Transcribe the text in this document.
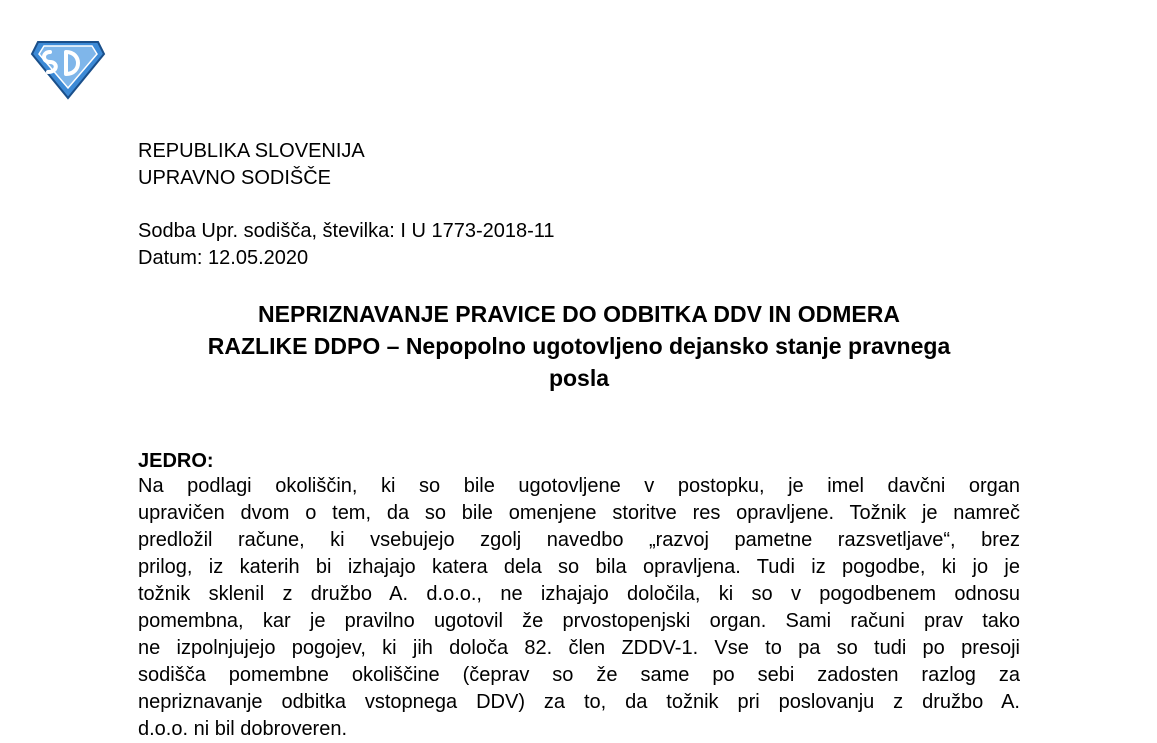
REPUBLIKA SLOVENIJA
UPRAVNO SODIŠČE
Sodba Upr. sodišča, številka: I U 1773-2018-11
Datum: 12.05.2020
NEPRIZNAVANJE PRAVICE DO ODBITKA DDV IN ODMERA
RAZLIKE DDPO – Nepopolno ugotovljeno dejansko stanje pravnega
posla
JEDRO:
Na podlagi okoliščin, ki so bile ugotovljene v postopku, je imel davčni organ
upravičen dvom o tem, da so bile omenjene storitve res opravljene. Tožnik je namreč
predložil račune, ki vsebujejo zgolj navedbo „razvoj pametne razsvetljave“, brez
prilog, iz katerih bi izhajajo katera dela so bila opravljena. Tudi iz pogodbe, ki jo je
tožnik sklenil z družbo A. d.o.o., ne izhajajo določila, ki so v pogodbenem odnosu
pomembna, kar je pravilno ugotovil že prvostopenjski organ. Sami računi prav tako
ne izpolnjujejo pogojev, ki jih določa 82. člen ZDDV-1. Vse to pa so tudi po presoji
sodišča pomembne okoliščine (čeprav so že same po sebi zadosten razlog za
nepriznavanje odbitka vstopnega DDV) za to, da tožnik pri poslovanju z družbo A.
d.o.o. ni bil dobroveren.
